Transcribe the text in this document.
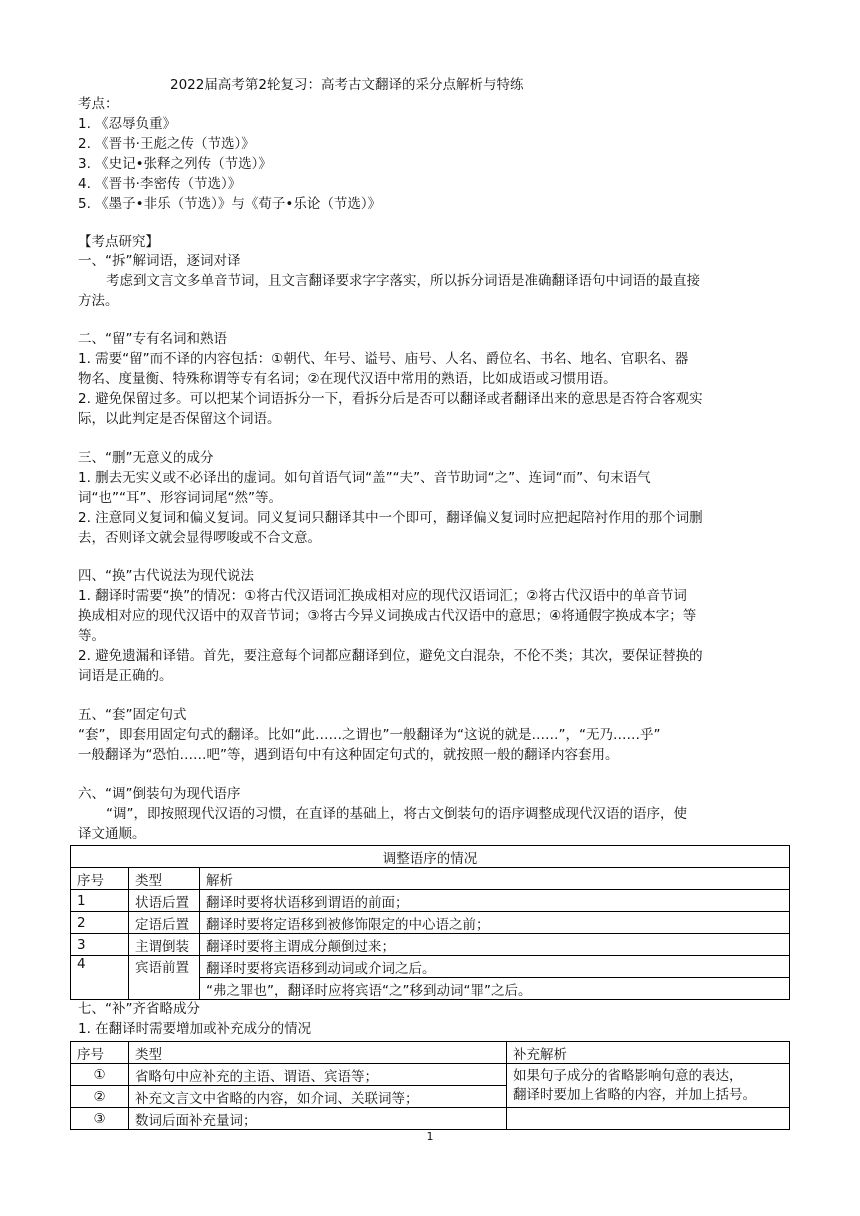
2022届高考第2轮复习：高考古文翻译的采分点解析与特练
考点：
1. 《忍辱负重》
2. 《晋书·王彪之传（节选）》
3. 《史记•张释之列传（节选）》
4. 《晋书·李密传（节选）》
5. 《墨子•非乐（节选）》与《荀子•乐论（节选）》
【考点研究】
一、“拆”解词语，逐词对译
考虑到文言文多单音节词，且文言翻译要求字字落实，所以拆分词语是准确翻译语句中词语的最直接
方法。
二、“留”专有名词和熟语
1. 需要“留”而不译的内容包括：①朝代、年号、谥号、庙号、人名、爵位名、书名、地名、官职名、器
物名、度量衡、特殊称谓等专有名词；②在现代汉语中常用的熟语，比如成语或习惯用语。
2. 避免保留过多。可以把某个词语拆分一下，看拆分后是否可以翻译或者翻译出来的意思是否符合客观实
际，以此判定是否保留这个词语。
三、“删”无意义的成分
1. 删去无实义或不必译出的虚词。如句首语气词“盖”“夫”、音节助词“之”、连词“而”、句末语气
词“也”“耳”、形容词词尾“然”等。
2. 注意同义复词和偏义复词。同义复词只翻译其中一个即可，翻译偏义复词时应把起陪衬作用的那个词删
去，否则译文就会显得啰唆或不合文意。
四、“换”古代说法为现代说法
1. 翻译时需要“换”的情况：①将古代汉语词汇换成相对应的现代汉语词汇；②将古代汉语中的单音节词
换成相对应的现代汉语中的双音节词；③将古今异义词换成古代汉语中的意思；④将通假字换成本字；等
等。
2. 避免遗漏和译错。首先，要注意每个词都应翻译到位，避免文白混杂，不伦不类；其次，要保证替换的
词语是正确的。
五、“套”固定句式
“套”，即套用固定句式的翻译。比如“此……之谓也”一般翻译为“这说的就是……”，“无乃……乎”
一般翻译为“恐怕……吧”等，遇到语句中有这种固定句式的，就按照一般的翻译内容套用。
六、“调”倒装句为现代语序
“调”，即按照现代汉语的习惯，在直译的基础上，将古文倒装句的语序调整成现代汉语的语序，使
译文通顺。
调整语序的情况		
序号	类型	解析
1	状语后置	翻译时要将状语移到谓语的前面；
2	定语后置	翻译时要将定语移到被修饰限定的中心语之前；
3	主谓倒装	翻译时要将主谓成分颠倒过来；
4	宾语前置	翻译时要将宾语移到动词或介词之后。
		“弗之罪也”，翻译时应将宾语“之”移到动词“罪”之后。
七、“补”齐省略成分
1. 在翻译时需要增加或补充成分的情况
序号	类型	补充解析
①	省略句中应补充的主语、谓语、宾语等；	如果句子成分的省略影响句意的表达，
翻译时要加上省略的内容，并加上括号。
②	补充文言文中省略的内容，如介词、关联词等；	
③	数词后面补充量词；	
1
